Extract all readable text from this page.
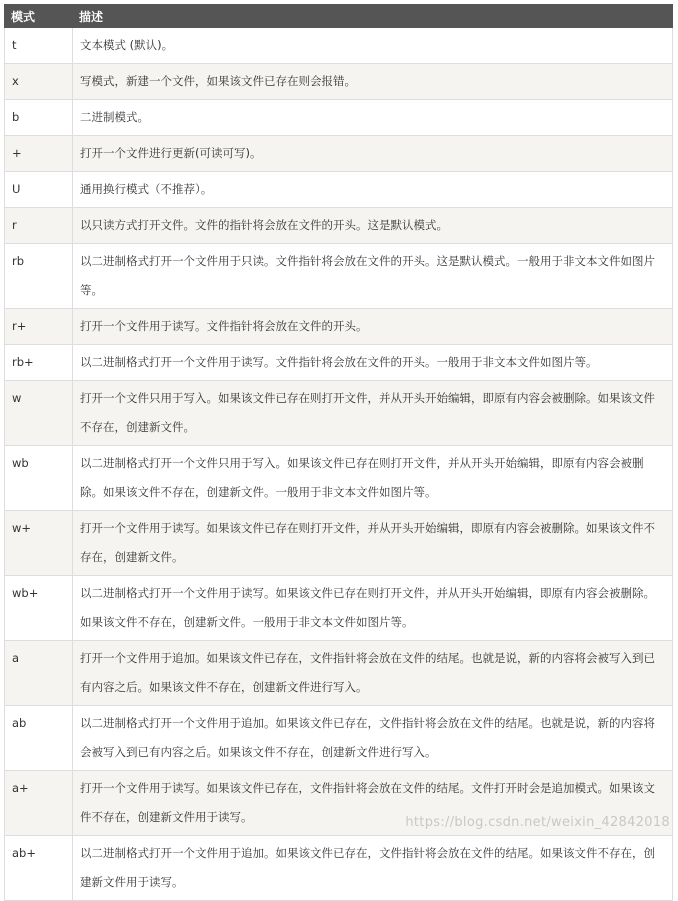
模式	描述
t	文本模式 (默认)。
x	写模式，新建一个文件，如果该文件已存在则会报错。
b	二进制模式。
+	打开一个文件进行更新(可读可写)。
U	通用换行模式（不推荐）。
r	以只读方式打开文件。文件的指针将会放在文件的开头。这是默认模式。
rb	以二进制格式打开一个文件用于只读。文件指针将会放在文件的开头。这是默认模式。一般用于非文本文件如图片等。
r+	打开一个文件用于读写。文件指针将会放在文件的开头。
rb+	以二进制格式打开一个文件用于读写。文件指针将会放在文件的开头。一般用于非文本文件如图片等。
w	打开一个文件只用于写入。如果该文件已存在则打开文件，并从开头开始编辑，即原有内容会被删除。如果该文件不存在，创建新文件。
wb	以二进制格式打开一个文件只用于写入。如果该文件已存在则打开文件，并从开头开始编辑，即原有内容会被删除。如果该文件不存在，创建新文件。一般用于非文本文件如图片等。
w+	打开一个文件用于读写。如果该文件已存在则打开文件，并从开头开始编辑，即原有内容会被删除。如果该文件不存在，创建新文件。
wb+	以二进制格式打开一个文件用于读写。如果该文件已存在则打开文件，并从开头开始编辑，即原有内容会被删除。如果该文件不存在，创建新文件。一般用于非文本文件如图片等。
a	打开一个文件用于追加。如果该文件已存在，文件指针将会放在文件的结尾。也就是说，新的内容将会被写入到已有内容之后。如果该文件不存在，创建新文件进行写入。
ab	以二进制格式打开一个文件用于追加。如果该文件已存在，文件指针将会放在文件的结尾。也就是说，新的内容将会被写入到已有内容之后。如果该文件不存在，创建新文件进行写入。
a+	打开一个文件用于读写。如果该文件已存在，文件指针将会放在文件的结尾。文件打开时会是追加模式。如果该文件不存在，创建新文件用于读写。
ab+	以二进制格式打开一个文件用于追加。如果该文件已存在，文件指针将会放在文件的结尾。如果该文件不存在，创建新文件用于读写。
https://blog.csdn.net/weixin_42842018
